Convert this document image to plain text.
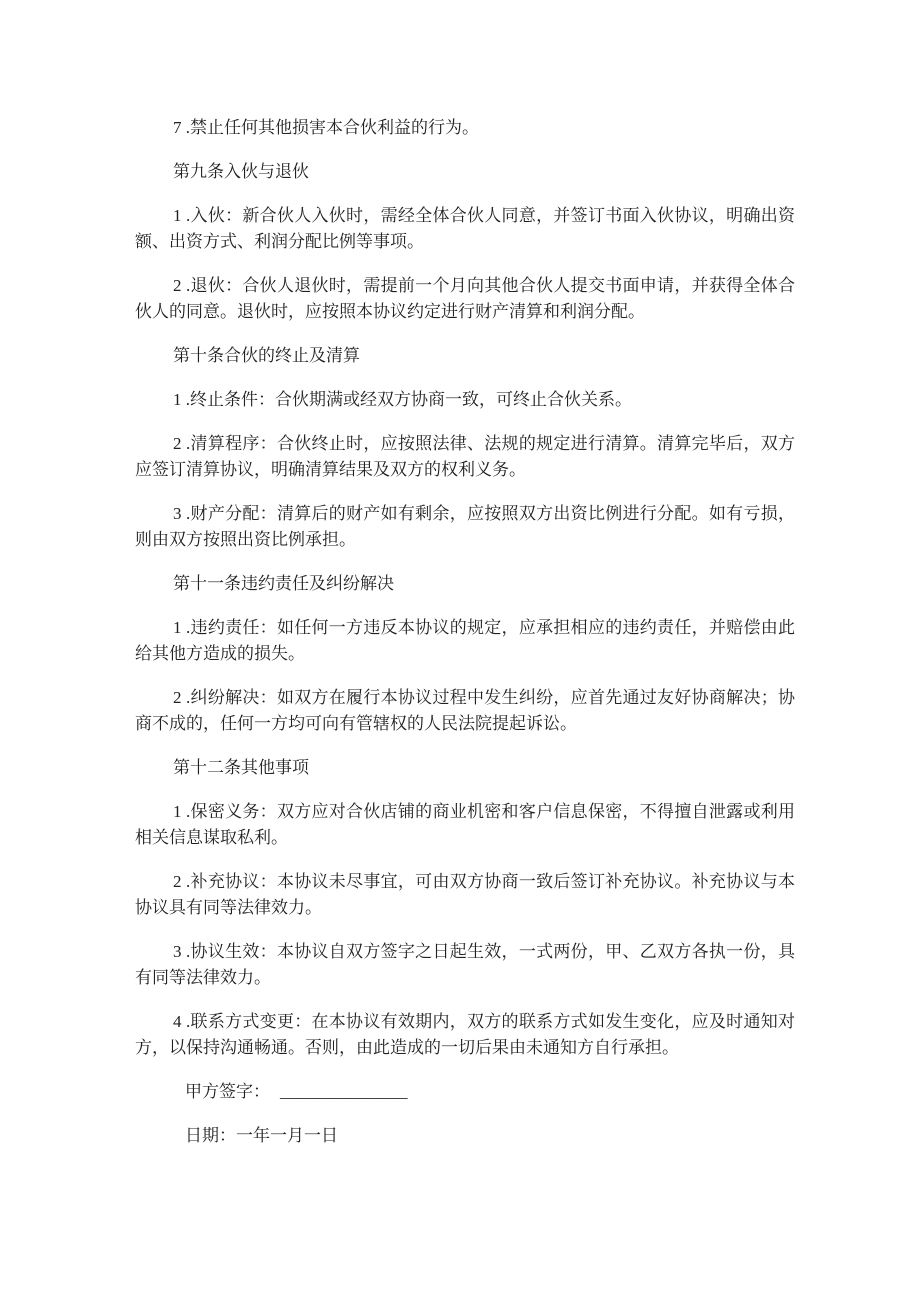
7 .禁止任何其他损害本合伙利益的行为。

第九条入伙与退伙

1 .入伙：新合伙人入伙时，需经全体合伙人同意，并签订书面入伙协议，明确出资额、出资方式、利润分配比例等事项。

2 .退伙：合伙人退伙时，需提前一个月向其他合伙人提交书面申请，并获得全体合伙人的同意。退伙时，应按照本协议约定进行财产清算和利润分配。

第十条合伙的终止及清算

1 .终止条件：合伙期满或经双方协商一致，可终止合伙关系。

2 .清算程序：合伙终止时，应按照法律、法规的规定进行清算。清算完毕后，双方应签订清算协议，明确清算结果及双方的权利义务。

3 .财产分配：清算后的财产如有剩余，应按照双方出资比例进行分配。如有亏损，则由双方按照出资比例承担。

第十一条违约责任及纠纷解决

1 .违约责任：如任何一方违反本协议的规定，应承担相应的违约责任，并赔偿由此给其他方造成的损失。

2 .纠纷解决：如双方在履行本协议过程中发生纠纷，应首先通过友好协商解决；协商不成的，任何一方均可向有管辖权的人民法院提起诉讼。

第十二条其他事项

1 .保密义务：双方应对合伙店铺的商业机密和客户信息保密，不得擅自泄露或利用相关信息谋取私利。

2 .补充协议：本协议未尽事宜，可由双方协商一致后签订补充协议。补充协议与本协议具有同等法律效力。

3 .协议生效：本协议自双方签字之日起生效，一式两份，甲、乙双方各执一份，具有同等法律效力。

4 .联系方式变更：在本协议有效期内，双方的联系方式如发生变化，应及时通知对方，以保持沟通畅通。否则，由此造成的一切后果由未通知方自行承担。

甲方签字： _______________

日期：一年一月一日
